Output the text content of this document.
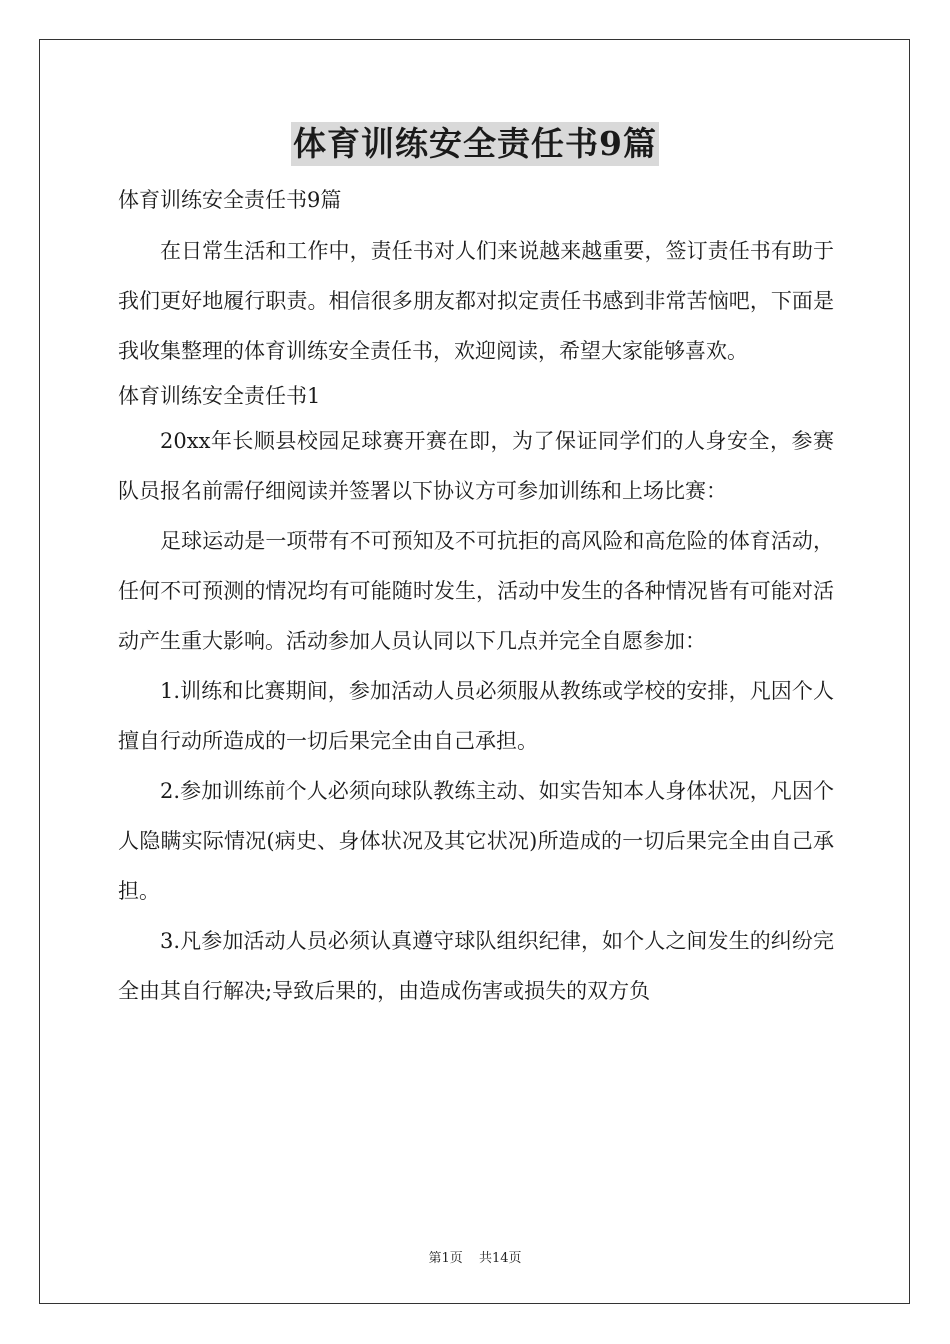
体育训练安全责任书9篇

体育训练安全责任书9篇

在日常生活和工作中，责任书对人们来说越来越重要，签订责任书有助于我们更好地履行职责。相信很多朋友都对拟定责任书感到非常苦恼吧，下面是我收集整理的体育训练安全责任书，欢迎阅读，希望大家能够喜欢。

体育训练安全责任书1

20xx年长顺县校园足球赛开赛在即，为了保证同学们的人身安全，参赛队员报名前需仔细阅读并签署以下协议方可参加训练和上场比赛：

足球运动是一项带有不可预知及不可抗拒的高风险和高危险的体育活动，任何不可预测的情况均有可能随时发生，活动中发生的各种情况皆有可能对活动产生重大影响。活动参加人员认同以下几点并完全自愿参加：

1.训练和比赛期间，参加活动人员必须服从教练或学校的安排，凡因个人擅自行动所造成的一切后果完全由自己承担。

2.参加训练前个人必须向球队教练主动、如实告知本人身体状况，凡因个人隐瞒实际情况(病史、身体状况及其它状况)所造成的一切后果完全由自己承担。

3.凡参加活动人员必须认真遵守球队组织纪律，如个人之间发生的纠纷完全由其自行解决;导致后果的，由造成伤害或损失的双方负

第1页 共14页
